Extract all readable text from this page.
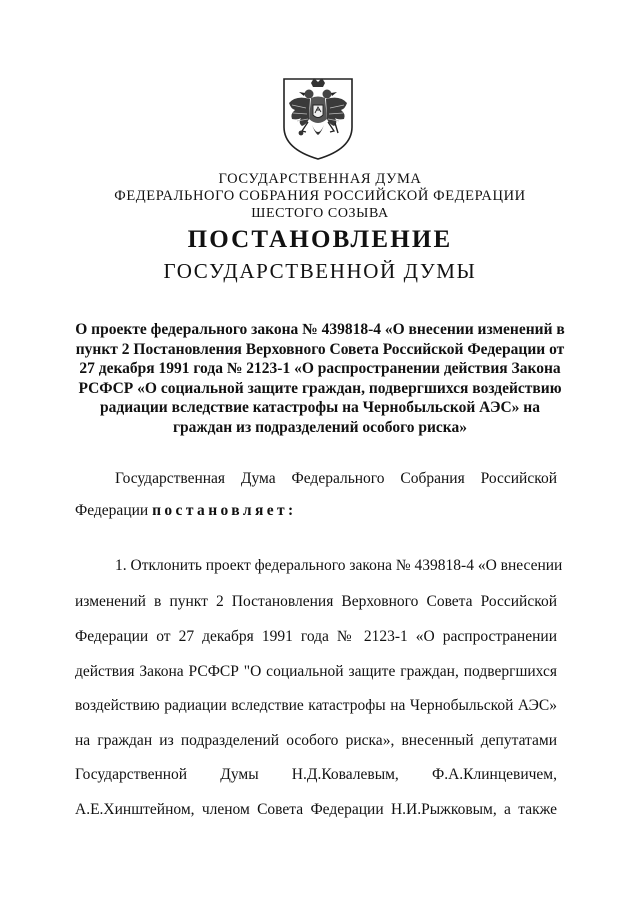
ГОСУДАРСТВЕННАЯ ДУМА
ФЕДЕРАЛЬНОГО СОБРАНИЯ РОССИЙСКОЙ ФЕДЕРАЦИИ
ШЕСТОГО СОЗЫВА
ПОСТАНОВЛЕНИЕ
ГОСУДАРСТВЕННОЙ ДУМЫ
О проекте федерального закона № 439818-4 «О внесении изменений в
пункт 2 Постановления Верховного Совета Российской Федерации от
27 декабря 1991 года № 2123-1 «О распространении действия Закона
РСФСР «О социальной защите граждан, подвергшихся воздействию
радиации вследствие катастрофы на Чернобыльской АЭС» на
граждан из подразделений особого риска»
Государственная Дума Федерального Собрания Российской
Федерации постановляет:
1. Отклонить проект федерального закона № 439818-4 «О внесении
изменений в пункт 2 Постановления Верховного Совета Российской
Федерации от 27 декабря 1991 года № 2123-1 «О распространении
действия Закона РСФСР "О социальной защите граждан, подвергшихся
воздействию радиации вследствие катастрофы на Чернобыльской АЭС»
на граждан из подразделений особого риска», внесенный депутатами
Государственной Думы Н.Д.Ковалевым, Ф.А.Клинцевичем,
А.Е.Хинштейном, членом Совета Федерации Н.И.Рыжковым, а также
